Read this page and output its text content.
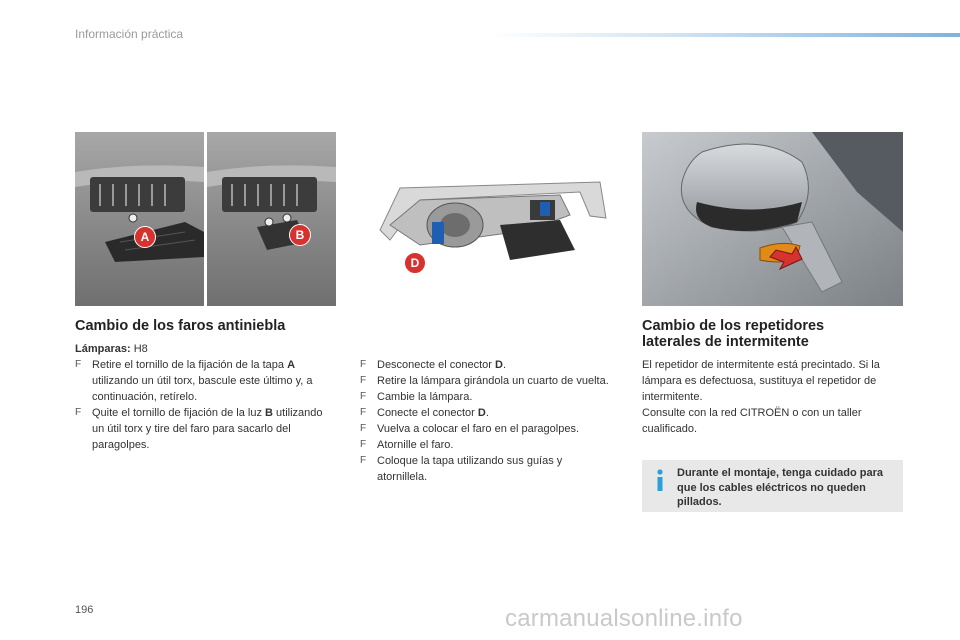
Información práctica
A	B
D
Cambio de los faros antiniebla

Lámparas: H8

F Retire el tornillo de la fijación de la tapa A utilizando un útil torx, bascule este último y, a continuación, retírelo.
F Quite el tornillo de fijación de la luz B utilizando un útil torx y tire del faro para sacarlo del paragolpes.
F Desconecte el conector D.
F Retire la lámpara girándola un cuarto de vuelta.
F Cambie la lámpara.
F Conecte el conector D.
F Vuelva a colocar el faro en el paragolpes.
F Atornille el faro.
F Coloque la tapa utilizando sus guías y atornillela.
Cambio de los repetidores
laterales de intermitente

El repetidor de intermitente está precintado. Si la lámpara es defectuosa, sustituya el repetidor de intermitente.

Consulte con la red CITROËN o con un taller cualificado.

Durante el montaje, tenga cuidado para que los cables eléctricos no queden pillados.
196	carmanualsonline.info
